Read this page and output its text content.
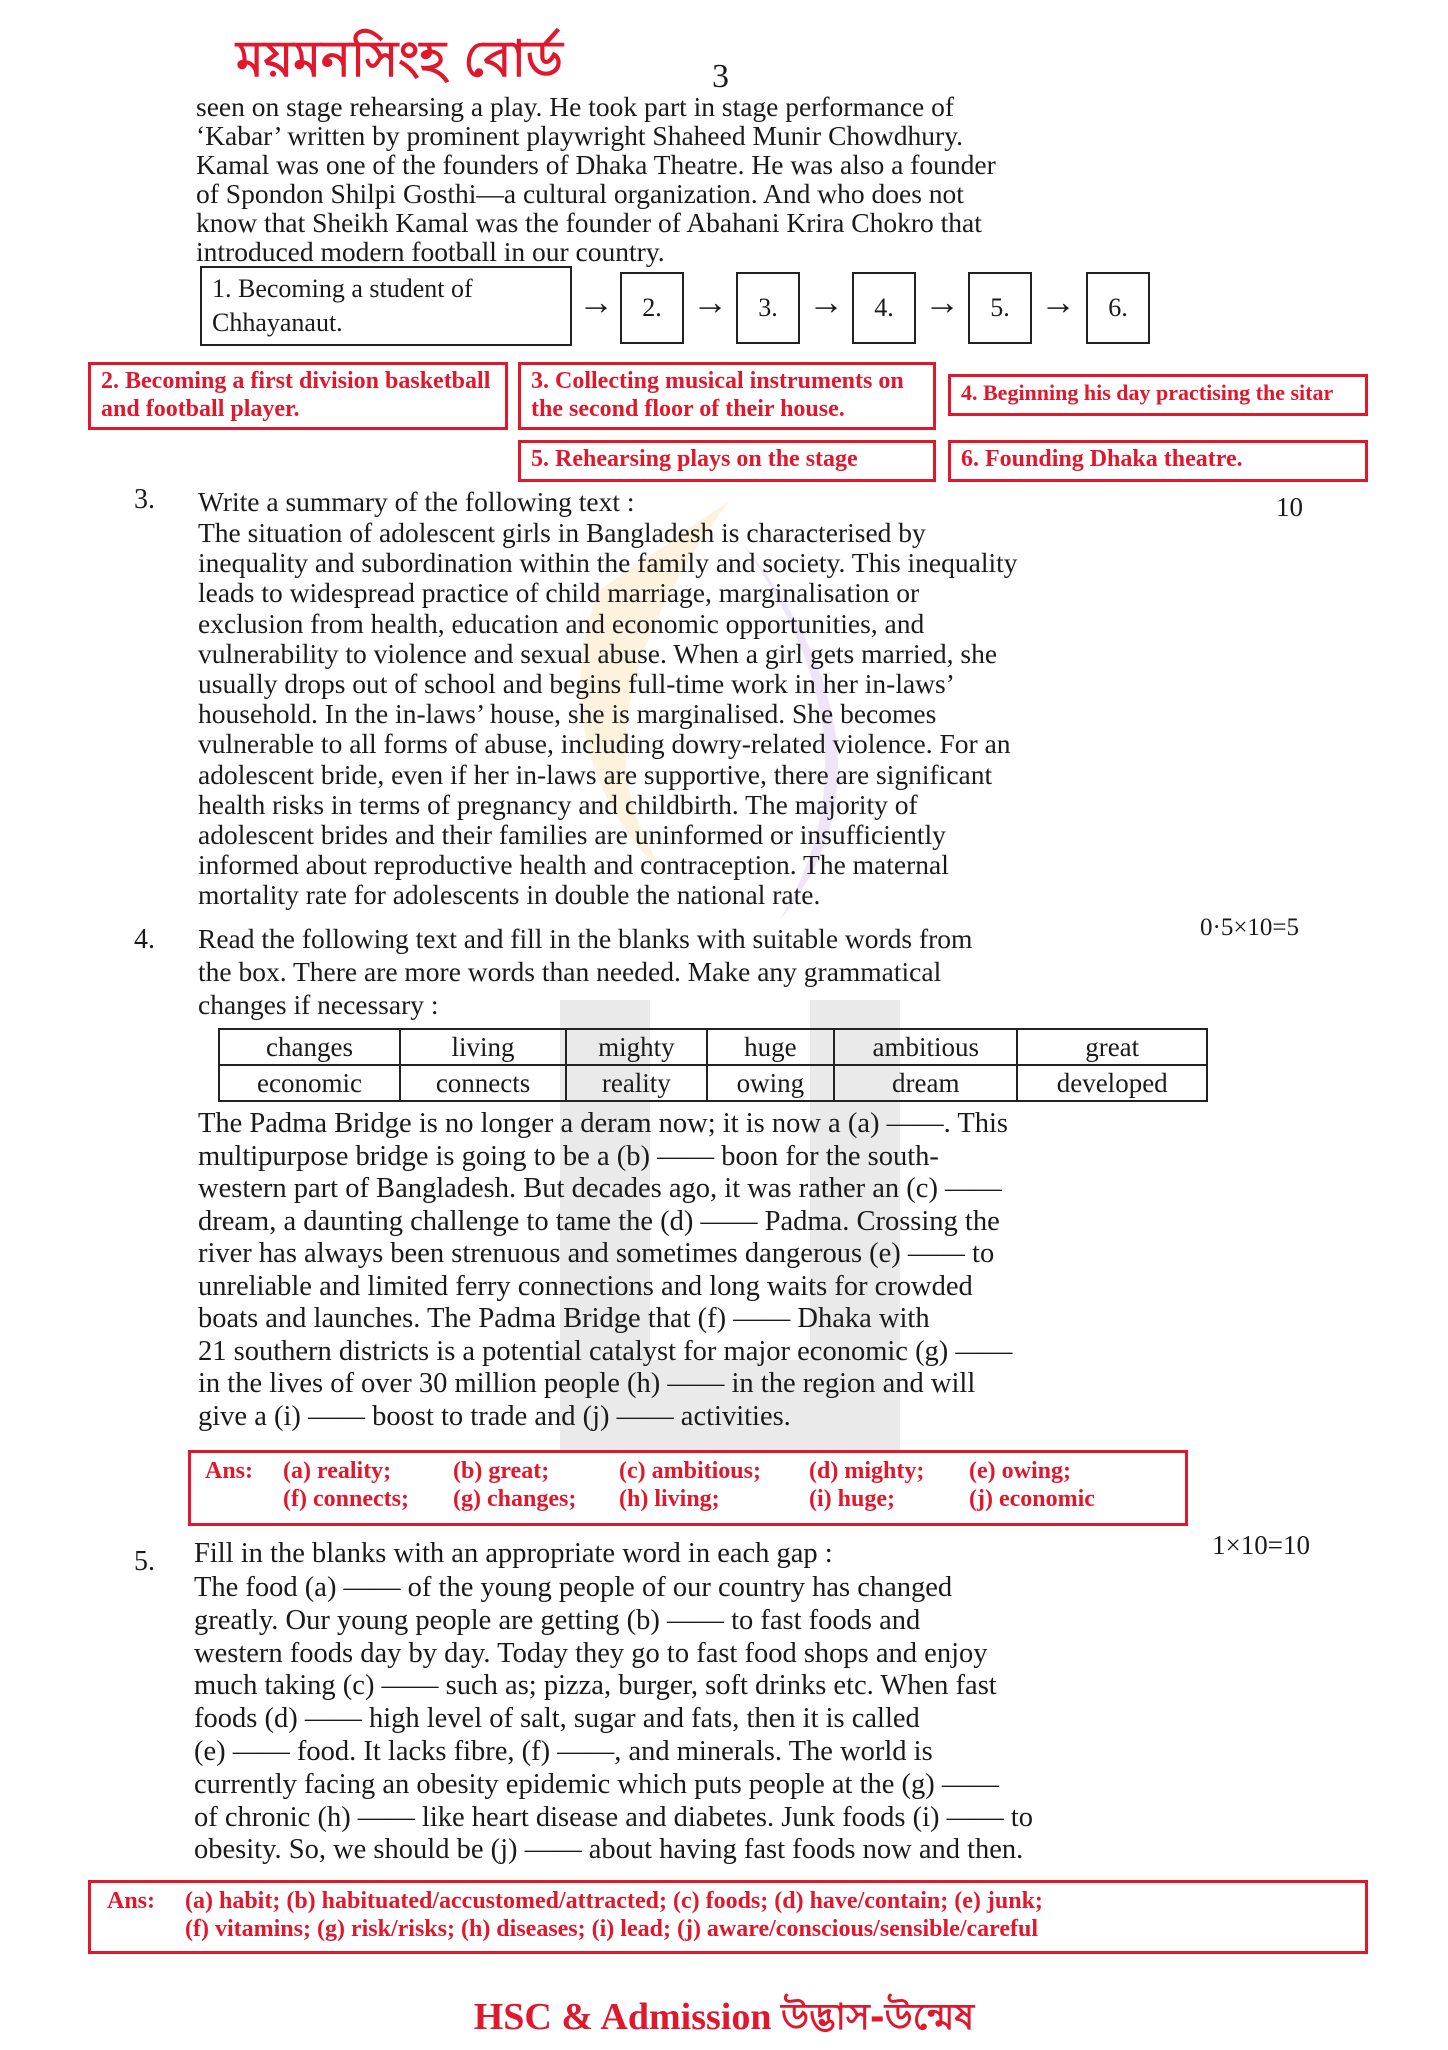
ময়মনসিংহ বোর্ড	3

seen on stage rehearsing a play. He took part in stage performance of

‘Kabar’ written by prominent playwright Shaheed Munir Chowdhury.

Kamal was one of the founders of Dhaka Theatre. He was also a founder

of Spondon Shilpi Gosthi—a cultural organization. And who does not

know that Sheikh Kamal was the founder of Abahani Krira Chokro that

introduced modern football in our country.

1. Becoming a student of Chhayanaut.
→	2. →	3. →	4. →	5. →	6.
2. Becoming a first division basketball and football player.
3. Collecting musical instruments on the second floor of their house.
4. Beginning his day practising the sitar
5. Rehearsing plays on the stage	6. Founding Dhaka theatre.
3. Write a summary of the following text :	10

The situation of adolescent girls in Bangladesh is characterised by

inequality and subordination within the family and society. This inequality

leads to widespread practice of child marriage, marginalisation or

exclusion from health, education and economic opportunities, and

vulnerability to violence and sexual abuse. When a girl gets married, she

usually drops out of school and begins full-time work in her in-laws’

household. In the in-laws’ house, she is marginalised. She becomes

vulnerable to all forms of abuse, including dowry-related violence. For an

adolescent bride, even if her in-laws are supportive, there are significant

health risks in terms of pregnancy and childbirth. The majority of

adolescent brides and their families are uninformed or insufficiently

informed about reproductive health and contraception. The maternal

mortality rate for adolescents in double the national rate.

4.	0·5×10=5

Read the following text and fill in the blanks with suitable words from

the box. There are more words than needed. Make any grammatical

changes if necessary :

changes	living	mighty	huge	ambitious	great
economic	connects	reality	owing	dream	developed

The Padma Bridge is no longer a deram now; it is now a (a) ——. This

multipurpose bridge is going to be a (b) —— boon for the south-

western part of Bangladesh. But decades ago, it was rather an (c) ——

dream, a daunting challenge to tame the (d) —— Padma. Crossing the

river has always been strenuous and sometimes dangerous (e) —— to

unreliable and limited ferry connections and long waits for crowded

boats and launches. The Padma Bridge that (f) —— Dhaka with

21 southern districts is a potential catalyst for major economic (g) ——

in the lives of over 30 million people (h) —— in the region and will

give a (i) —— boost to trade and (j) —— activities.

Ans:	(a) reality;	(b) great;	(c) ambitious;	(d) mighty;	(e) owing;
(f) connects;	(g) changes;	(h) living;	(i) huge;	(j) economic
5.
1×10=10
Fill in the blanks with an appropriate word in each gap :

The food (a) —— of the young people of our country has changed

greatly. Our young people are getting (b) —— to fast foods and

western foods day by day. Today they go to fast food shops and enjoy

much taking (c) —— such as; pizza, burger, soft drinks etc. When fast

foods (d) —— high level of salt, sugar and fats, then it is called

(e) —— food. It lacks fibre, (f) ——, and minerals. The world is

currently facing an obesity epidemic which puts people at the (g) ——

of chronic (h) —— like heart disease and diabetes. Junk foods (i) —— to

obesity. So, we should be (j) —— about having fast foods now and then.

Ans: (a) habit; (b) habituated/accustomed/attracted; (c) foods; (d) have/contain; (e) junk;
(f) vitamins; (g) risk/risks; (h) diseases; (i) lead; (j) aware/conscious/sensible/careful
HSC & Admission উদ্ভাস-উন্মেষ
